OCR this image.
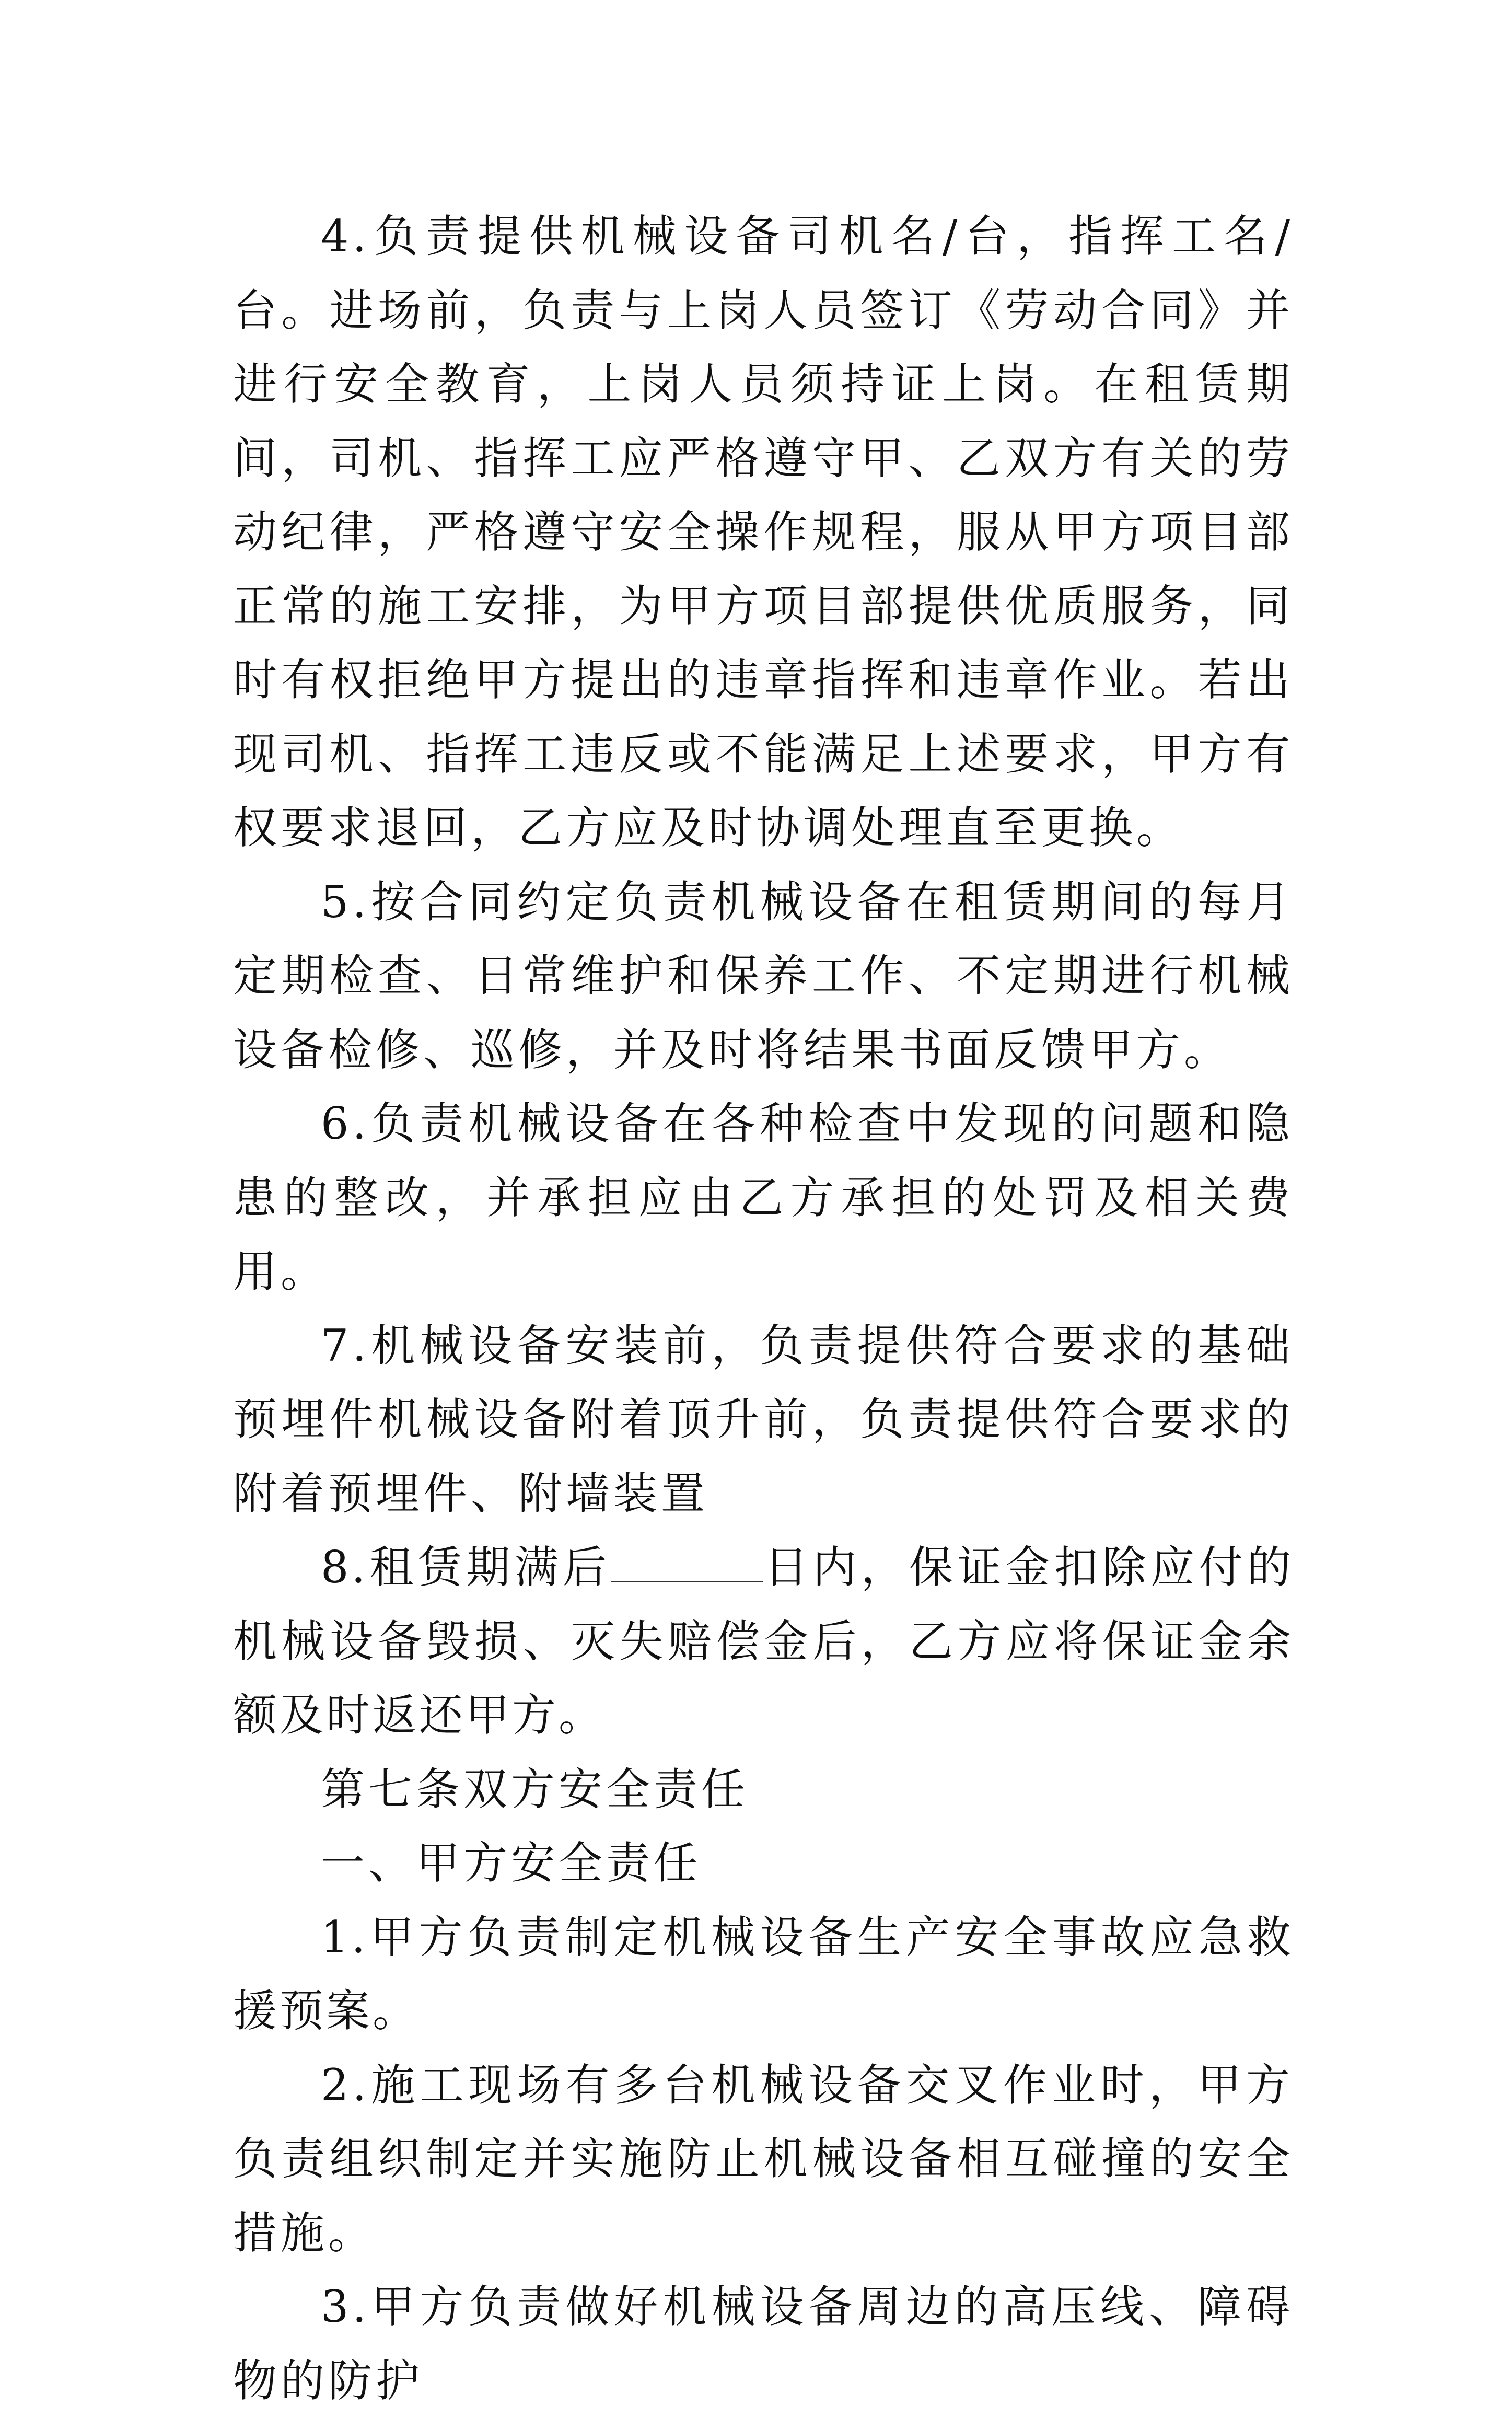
4.负责提供机械设备司机名/台，指挥工名/台。进场前，负责与上岗人员签订《劳动合同》并进行安全教育，上岗人员须持证上岗。在租赁期间，司机、指挥工应严格遵守甲、乙双方有关的劳动纪律，严格遵守安全操作规程，服从甲方项目部正常的施工安排，为甲方项目部提供优质服务，同时有权拒绝甲方提出的违章指挥和违章作业。若出现司机、指挥工违反或不能满足上述要求，甲方有权要求退回，乙方应及时协调处理直至更换。

5.按合同约定负责机械设备在租赁期间的每月定期检查、日常维护和保养工作、不定期进行机械设备检修、巡修，并及时将结果书面反馈甲方。

6.负责机械设备在各种检查中发现的问题和隐患的整改，并承担应由乙方承担的处罚及相关费用。

7.机械设备安装前，负责提供符合要求的基础预埋件机械设备附着顶升前，负责提供符合要求的附着预埋件、附墙装置

8.租赁期满后	日内，保证金扣除应付的机械设备毁损、灭失赔偿金后，乙方应将保证金余额及时返还甲方。

第七条双方安全责任

一、甲方安全责任

1.甲方负责制定机械设备生产安全事故应急救援预案。

2.施工现场有多台机械设备交叉作业时，甲方负责组织制定并实施防止机械设备相互碰撞的安全措施。

3.甲方负责做好机械设备周边的高压线、障碍物的防护
